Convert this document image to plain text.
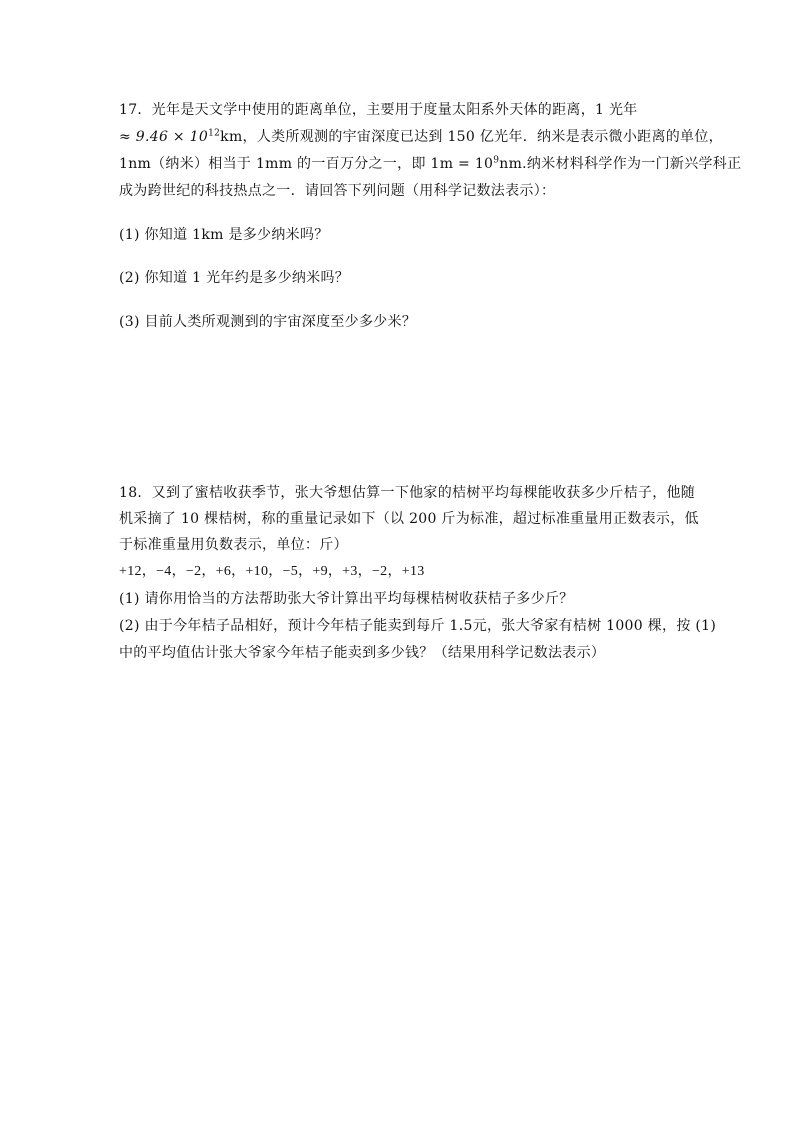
17．光年是天文学中使用的距离单位，主要用于度量太阳系外天体的距离，1 光年
≈ $9.46 \times 10^{12}km$，人类所观测的宇宙深度已达到 150 亿光年．纳米是表示微小距离的单位，
1nm（纳米）相当于 1mm 的一百万分之一，即 $1m = 10^9nm$.纳米材料科学作为一门新兴学科正
成为跨世纪的科技热点之一．请回答下列问题（用科学记数法表示）：
(1) 你知道 1km 是多少纳米吗？
(2) 你知道 1 光年约是多少纳米吗？
(3) 目前人类所观测到的宇宙深度至少多少米？
18．又到了蜜桔收获季节，张大爷想估算一下他家的桔树平均每棵能收获多少斤桔子，他随
机采摘了 10 棵桔树，称的重量记录如下（以 200 斤为标准，超过标准重量用正数表示，低
于标准重量用负数表示，单位：斤）
+12，−4，−2，+6，+10，−5，+9，+3，−2，+13
(1) 请你用恰当的方法帮助张大爷计算出平均每棵桔树收获桔子多少斤？
(2) 由于今年桔子品相好，预计今年桔子能卖到每斤 1.5元，张大爷家有桔树 1000 棵，按 (1)
中的平均值估计张大爷家今年桔子能卖到多少钱？（结果用科学记数法表示）
